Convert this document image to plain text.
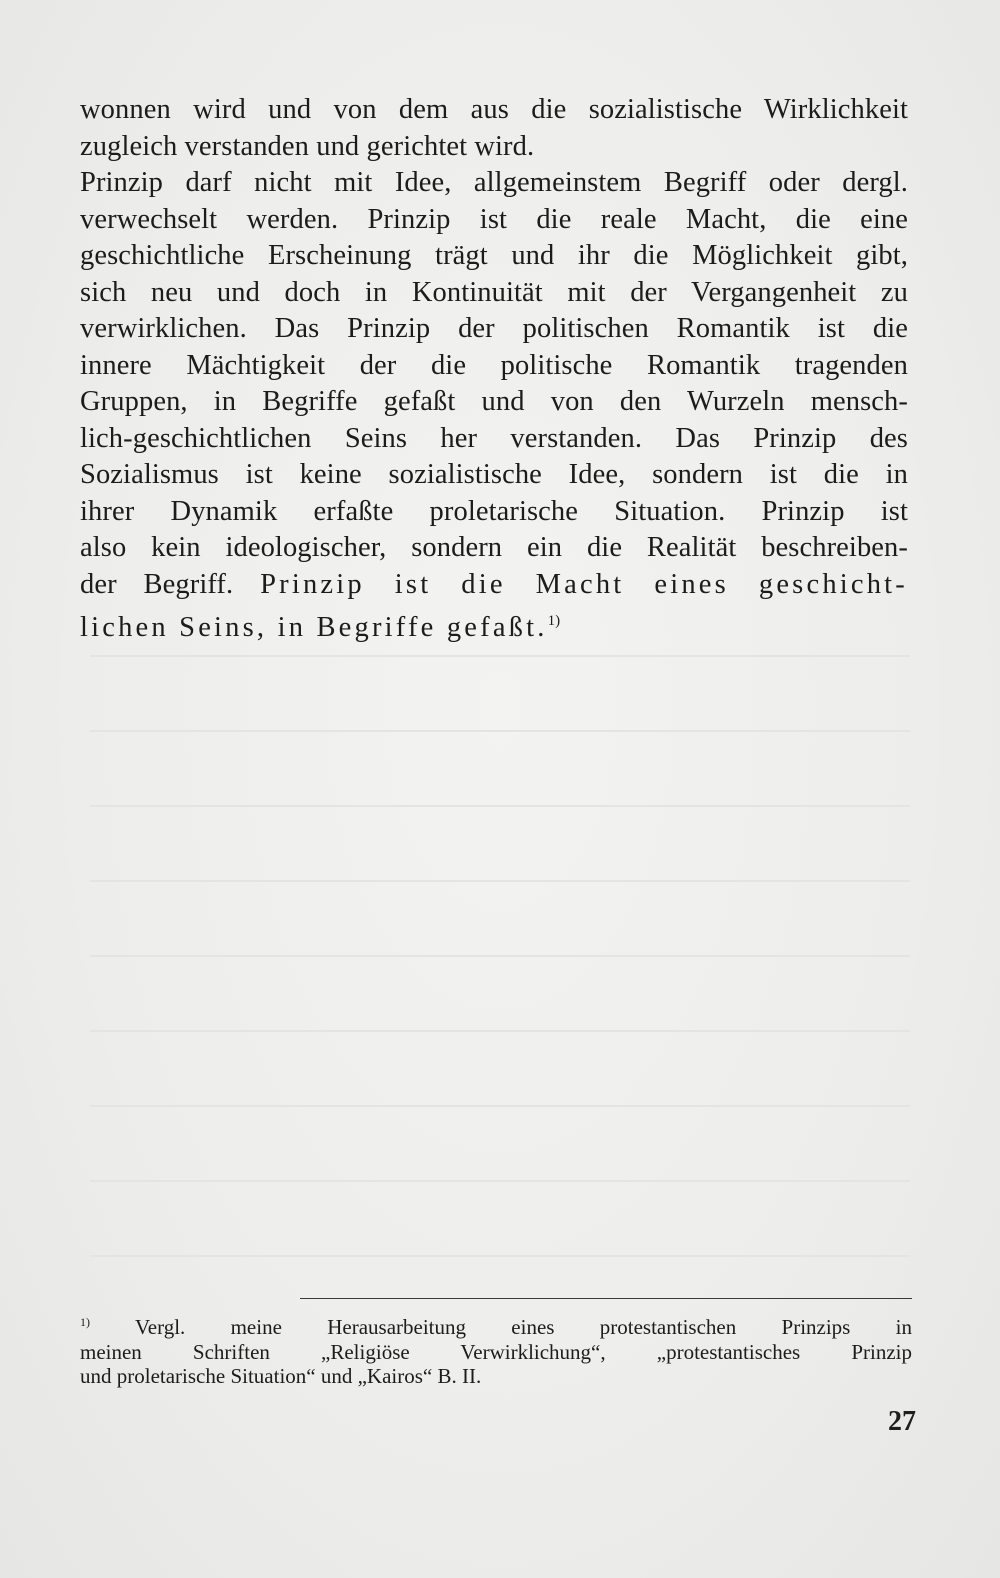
wonnen wird und von dem aus die sozialistische Wirklichkeit
zugleich verstanden und gerichtet wird.
Prinzip darf nicht mit Idee, allgemeinstem Begriff oder dergl.
verwechselt werden. Prinzip ist die reale Macht, die eine
geschichtliche Erscheinung trägt und ihr die Möglichkeit gibt,
sich neu und doch in Kontinuität mit der Vergangenheit zu
verwirklichen. Das Prinzip der politischen Romantik ist die
innere Mächtigkeit der die politische Romantik tragenden
Gruppen, in Begriffe gefaßt und von den Wurzeln mensch-
lich-geschichtlichen Seins her verstanden. Das Prinzip des
Sozialismus ist keine sozialistische Idee, sondern ist die in
ihrer Dynamik erfaßte proletarische Situation. Prinzip ist
also kein ideologischer, sondern ein die Realität beschreiben-
der Begriff. Prinzip ist die Macht eines geschicht-
lichen Seins, in Begriffe gefaßt.$^{1)}$
$^{1)}$ Vergl. meine Herausarbeitung eines protestantischen Prinzips in
meinen Schriften „Religiöse Verwirklichung“, „protestantisches Prinzip
und proletarische Situation“ und „Kairos“ B. II.
27
